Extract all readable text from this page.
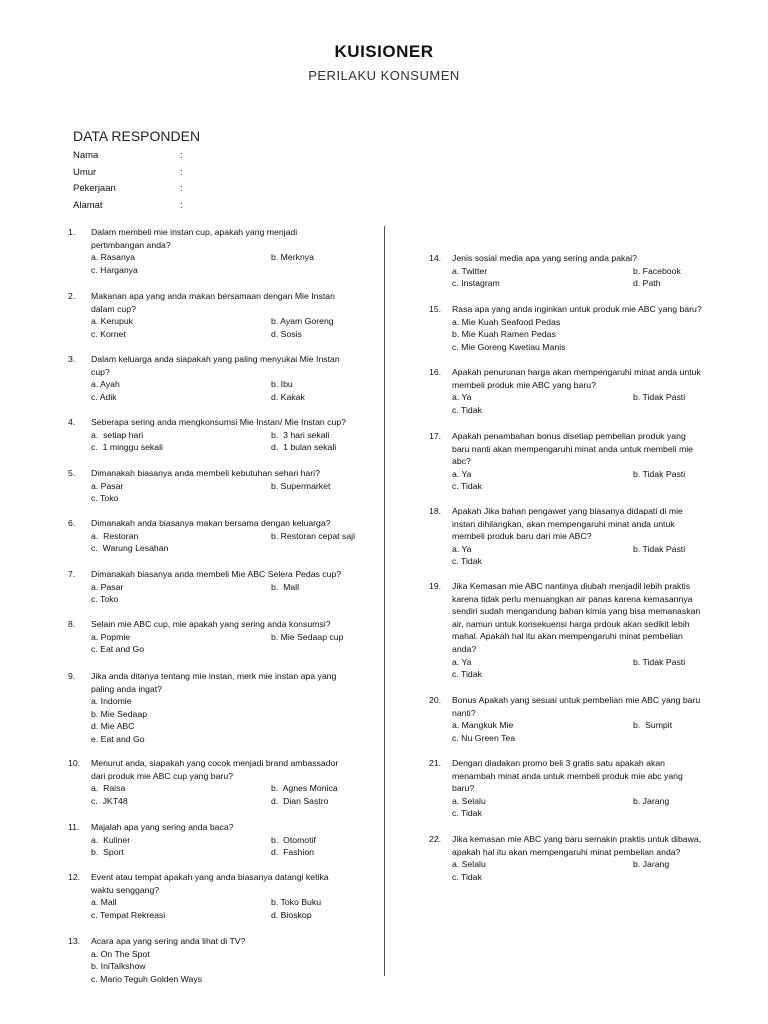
KUISIONER
PERILAKU KONSUMEN
DATA RESPONDEN
Nama	:
Umur	:
Pekerjaan	:
Alamat	:
1. Dalam membeli mie instan cup, apakah yang menjadi
pertimbangan anda?
a. Rasanya	b. Merknya
c. Harganya
2. Makanan apa yang anda makan bersamaan dengan Mie Instan
dalam cup?
a. Kerupuk	b. Ayam Goreng
c. Kornet	d. Sosis
3. Dalam keluarga anda siapakah yang paling menyukai Mie Instan
cup?
a. Ayah	b. Ibu
c. Adik	d. Kakak
4. Seberapa sering anda mengkonsumsi Mie Instan/ Mie Instan cup?
a.  setiap hari	b.  3 hari sekali
c.  1 minggu sekali	d.  1 bulan sekali
5. Dimanakah biasanya anda membeli kebutuhan sehari hari?
a. Pasar	b. Supermarket
c. Toko
6. Dimanakah anda biasanya makan bersama dengan keluarga?
a.  Restoran	b. Restoran cepat saji
c.  Warung Lesahan
7. Dimanakah biasanya anda membeli Mie ABC Selera Pedas cup?
a. Pasar	b.  Mall
c. Toko
8. Selain mie ABC cup, mie apakah yang sering anda konsumsi?
a. Popmie	b. Mie Sedaap cup
c. Eat and Go
9. Jika anda ditanya tentang mie instan, merk mie instan apa yang
paling anda ingat?
a. Indomie
b. Mie Sedaap
d. Mie ABC
e. Eat and Go
10. Menurut anda, siapakah yang cocok menjadi brand ambassador
dari produk mie ABC cup yang baru?
a.  Raisa	b.  Agnes Monica
c.  JKT48	d.  Dian Sastro
11. Majalah apa yang sering anda baca?
a.  Kuliner	b.  Otomotif
b.  Sport	d.  Fashion
12. Event atau tempat apakah yang anda biasanya datangi ketika
waktu senggang?
a. Mall	b. Toko Buku
c. Tempat Rekreasi	d. Bioskop
13. Acara apa yang sering anda lihat di TV?
a. On The Spot
b. IniTalkshow
c. Mario Teguh Golden Ways
14. Jenis sosial media apa yang sering anda pakai?
a. Twitter	b. Facebook
c. Instagram	d. Path
15. Rasa apa yang anda inginkan untuk produk mie ABC yang baru?
a. Mie Kuah Seafood Pedas
b. Mie Kuah Ramen Pedas
c. Mie Goreng Kwetiau Manis
16. Apakah penurunan harga akan mempengaruhi minat anda untuk
membeli produk mie ABC yang baru?
a. Ya	b. Tidak Pasti
c. Tidak
17. Apakah penambahan bonus disetiap pembelian produk yang
baru nanti akan mempengaruhi minat anda untuk membeli mie
abc?
a. Ya	b. Tidak Pasti
c. Tidak
18. Apakah Jika bahan pengawet yang biasanya didapati di mie
instan dihilangkan, akan mempengaruhi minat anda untuk
membeli produk baru dari mie ABC?
a. Ya	b. Tidak Pasti
c. Tidak
19. Jika Kemasan mie ABC nantinya diubah menjadil lebih praktis
karena tidak perlu menuangkan air panas karena kemasannya
sendiri sudah mengandung bahan kimia yang bisa memanaskan
air, namun untuk konsekuensi harga prdouk akan sedikit lebih
mahal. Apakah hal itu akan mempengaruhi minat pembelian
anda?
a. Ya	b. Tidak Pasti
c. Tidak
20. Bonus Apakah yang sesuai untuk pembelian mie ABC yang baru
nanti?
a. Mangkuk Mie	b.  Sumpit
c. Nu Green Tea
21. Dengan diadakan promo beli 3 gratis satu apakah akan
menambah minat anda untuk membeli produk mie abc yang
baru?
a. Selalu	b. Jarang
c. Tidak
22. Jika kemasan mie ABC yang baru semakin praktis untuk dibawa,
apakah hal itu akan mempengaruhi minat pembelian anda?
a. Selalu	b. Jarang
c. Tidak
